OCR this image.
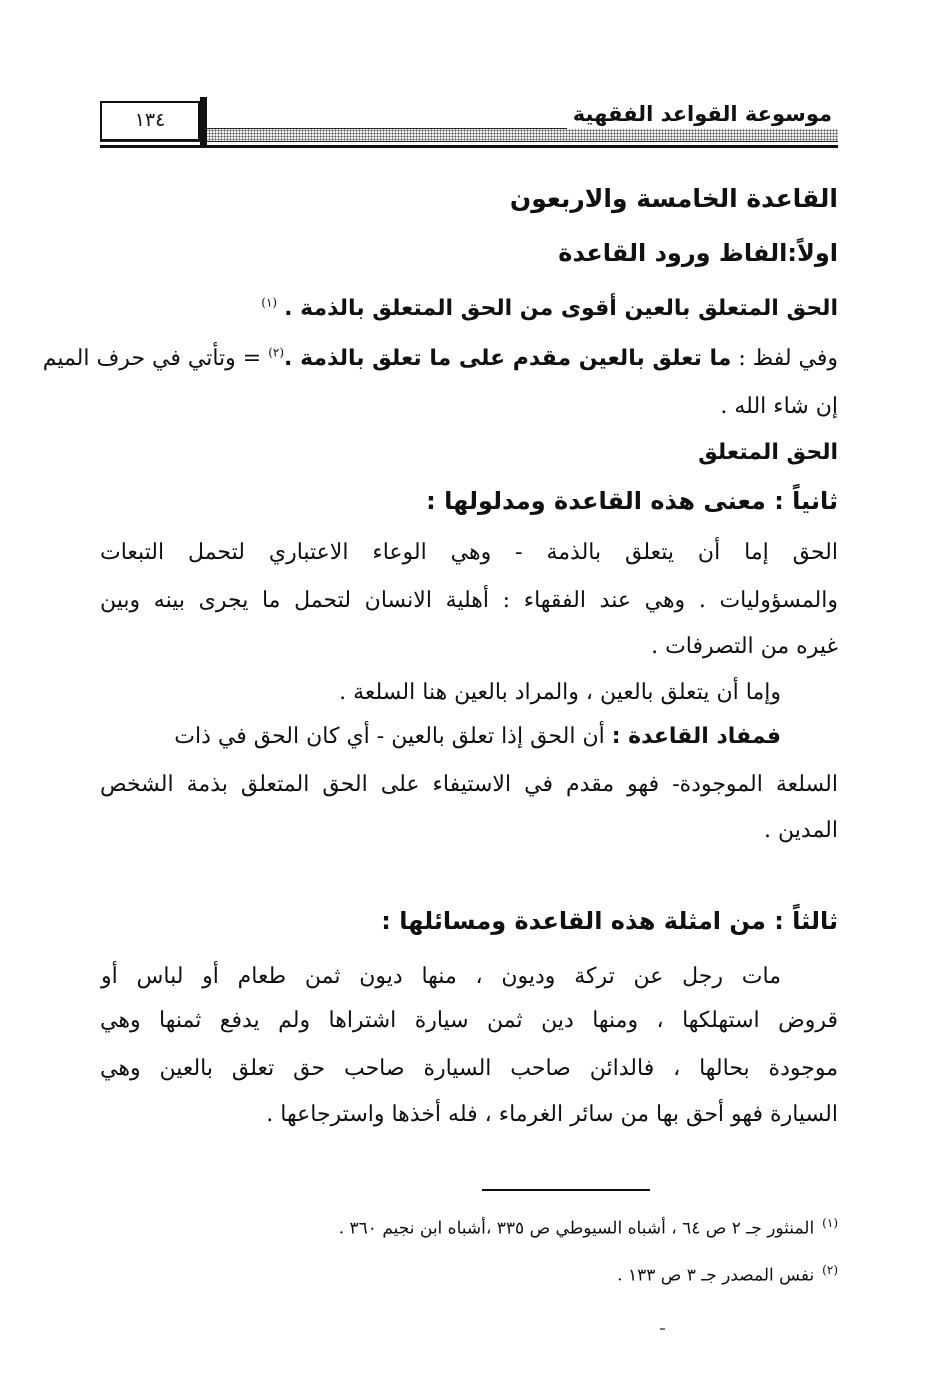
موسوعة القواعد الفقهية
١٣٤
القاعدة الخامسة والاربعون
اولاً:الفاظ ورود القاعدة
الحق المتعلق بالعين أقوى من الحق المتعلق بالذمة . $^{(١)}$
وفي لفظ : ما تعلق بالعين مقدم على ما تعلق بالذمة .$^{(٢)}$ = وتأتي في حرف الميم
إن شاء الله .
الحق المتعلق
ثانياً : معنى هذه القاعدة ومدلولها :
الحق إما أن يتعلق بالذمة - وهي الوعاء الاعتباري لتحمل التبعات
والمسؤوليات . وهي عند الفقهاء : أهلية الانسان لتحمل ما يجرى بينه وبين
غيره من التصرفات .
وإما أن يتعلق بالعين ، والمراد بالعين هنا السلعة .
فمفاد القاعدة : أن الحق إذا تعلق بالعين - أي كان الحق في ذات
السلعة الموجودة- فهو مقدم في الاستيفاء على الحق المتعلق بذمة الشخص
المدين .
ثالثاً : من امثلة هذه القاعدة ومسائلها :
مات رجل عن تركة وديون ، منها ديون ثمن طعام أو لباس أو
قروض استهلكها ، ومنها دين ثمن سيارة اشتراها ولم يدفع ثمنها وهي
موجودة بحالها ، فالدائن صاحب السيارة صاحب حق تعلق بالعين وهي
السيارة فهو أحق بها من سائر الغرماء ، فله أخذها واسترجاعها .
$^{(١)}$المنثور جـ ٢ ص ٦٤ ، أشباه السيوطي ص ٣٣٥ ،أشباه ابن نجيم ٣٦٠ .
$^{(٢)}$نفس المصدر جـ ٣ ص ١٣٣ .
